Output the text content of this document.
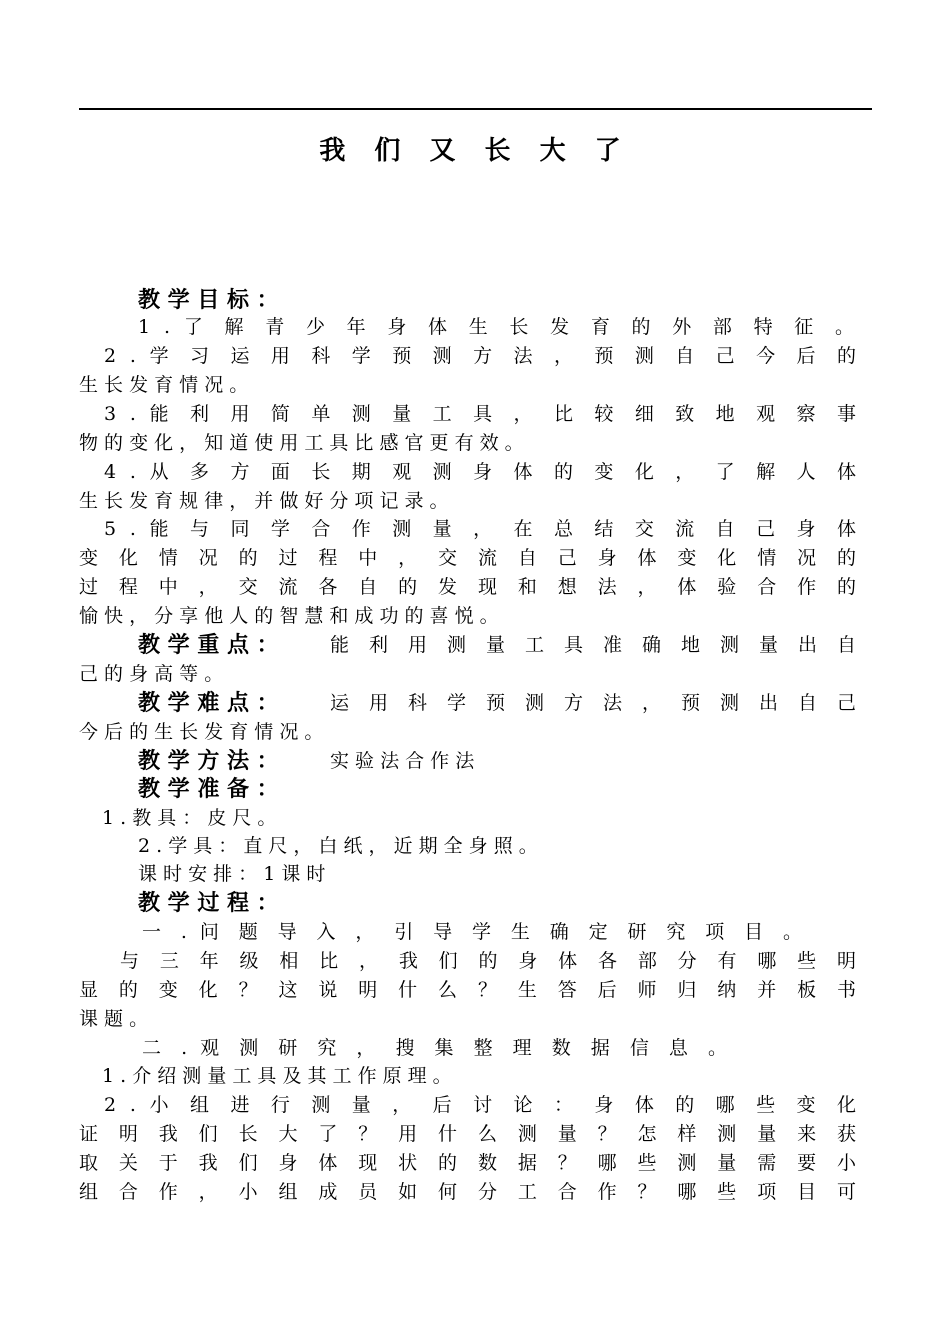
我 们 又 长 大 了
教 学 目 标 ：
1 . 了 解 青 少 年 身 体 生 长 发 育 的 外 部 特 征 。
2 . 学 习 运 用 科 学 预 测 方 法 ， 预 测 自 己 今 后 的
生 长 发 育 情 况 。
3 . 能 利 用 简 单 测 量 工 具 ， 比 较 细 致 地 观 察 事
物 的 变 化 ， 知 道 使 用 工 具 比 感 官 更 有 效 。
4 . 从 多 方 面 长 期 观 测 身 体 的 变 化 ， 了 解 人 体
生 长 发 育 规 律 ， 并 做 好 分 项 记 录 。
5 . 能 与 同 学 合 作 测 量 ， 在 总 结 交 流 自 己 身 体
变 化 情 况 的 过 程 中 ， 交 流 自 己 身 体 变 化 情 况 的
过 程 中 ， 交 流 各 自 的 发 现 和 想 法 ， 体 验 合 作 的
愉 快 ， 分 享 他 人 的 智 慧 和 成 功 的 喜 悦 。
教 学 重 点 ：	能 利 用 测 量 工 具 准 确 地 测 量 出 自
己 的 身 高 等 。
教 学 难 点 ：	运 用 科 学 预 测 方 法 ， 预 测 出 自 己
今 后 的 生 长 发 育 情 况 。
教 学 方 法 ：	实 验 法 合 作 法
教 学 准 备 ：
1 . 教 具 ： 皮 尺 。
2 . 学 具 ： 直 尺 ， 白 纸 ， 近 期 全 身 照 。
课 时 安 排 ： 1 课 时
教 学 过 程 ：
一 . 问 题 导 入 ， 引 导 学 生 确 定 研 究 项 目 。
与 三 年 级 相 比 ， 我 们 的 身 体 各 部 分 有 哪 些 明
显 的 变 化 ？ 这 说 明 什 么 ？ 生 答 后 师 归 纳 并 板 书
课 题 。
二 . 观 测 研 究 ， 搜 集 整 理 数 据 信 息 。
1 . 介 绍 测 量 工 具 及 其 工 作 原 理 。
2 . 小 组 进 行 测 量 ， 后 讨 论 ： 身 体 的 哪 些 变 化
证 明 我 们 长 大 了 ？ 用 什 么 测 量 ？ 怎 样 测 量 来 获
取 关 于 我 们 身 体 现 状 的 数 据 ？ 哪 些 测 量 需 要 小
组 合 作 ， 小 组 成 员 如 何 分 工 合 作 ？ 哪 些 项 目 可
